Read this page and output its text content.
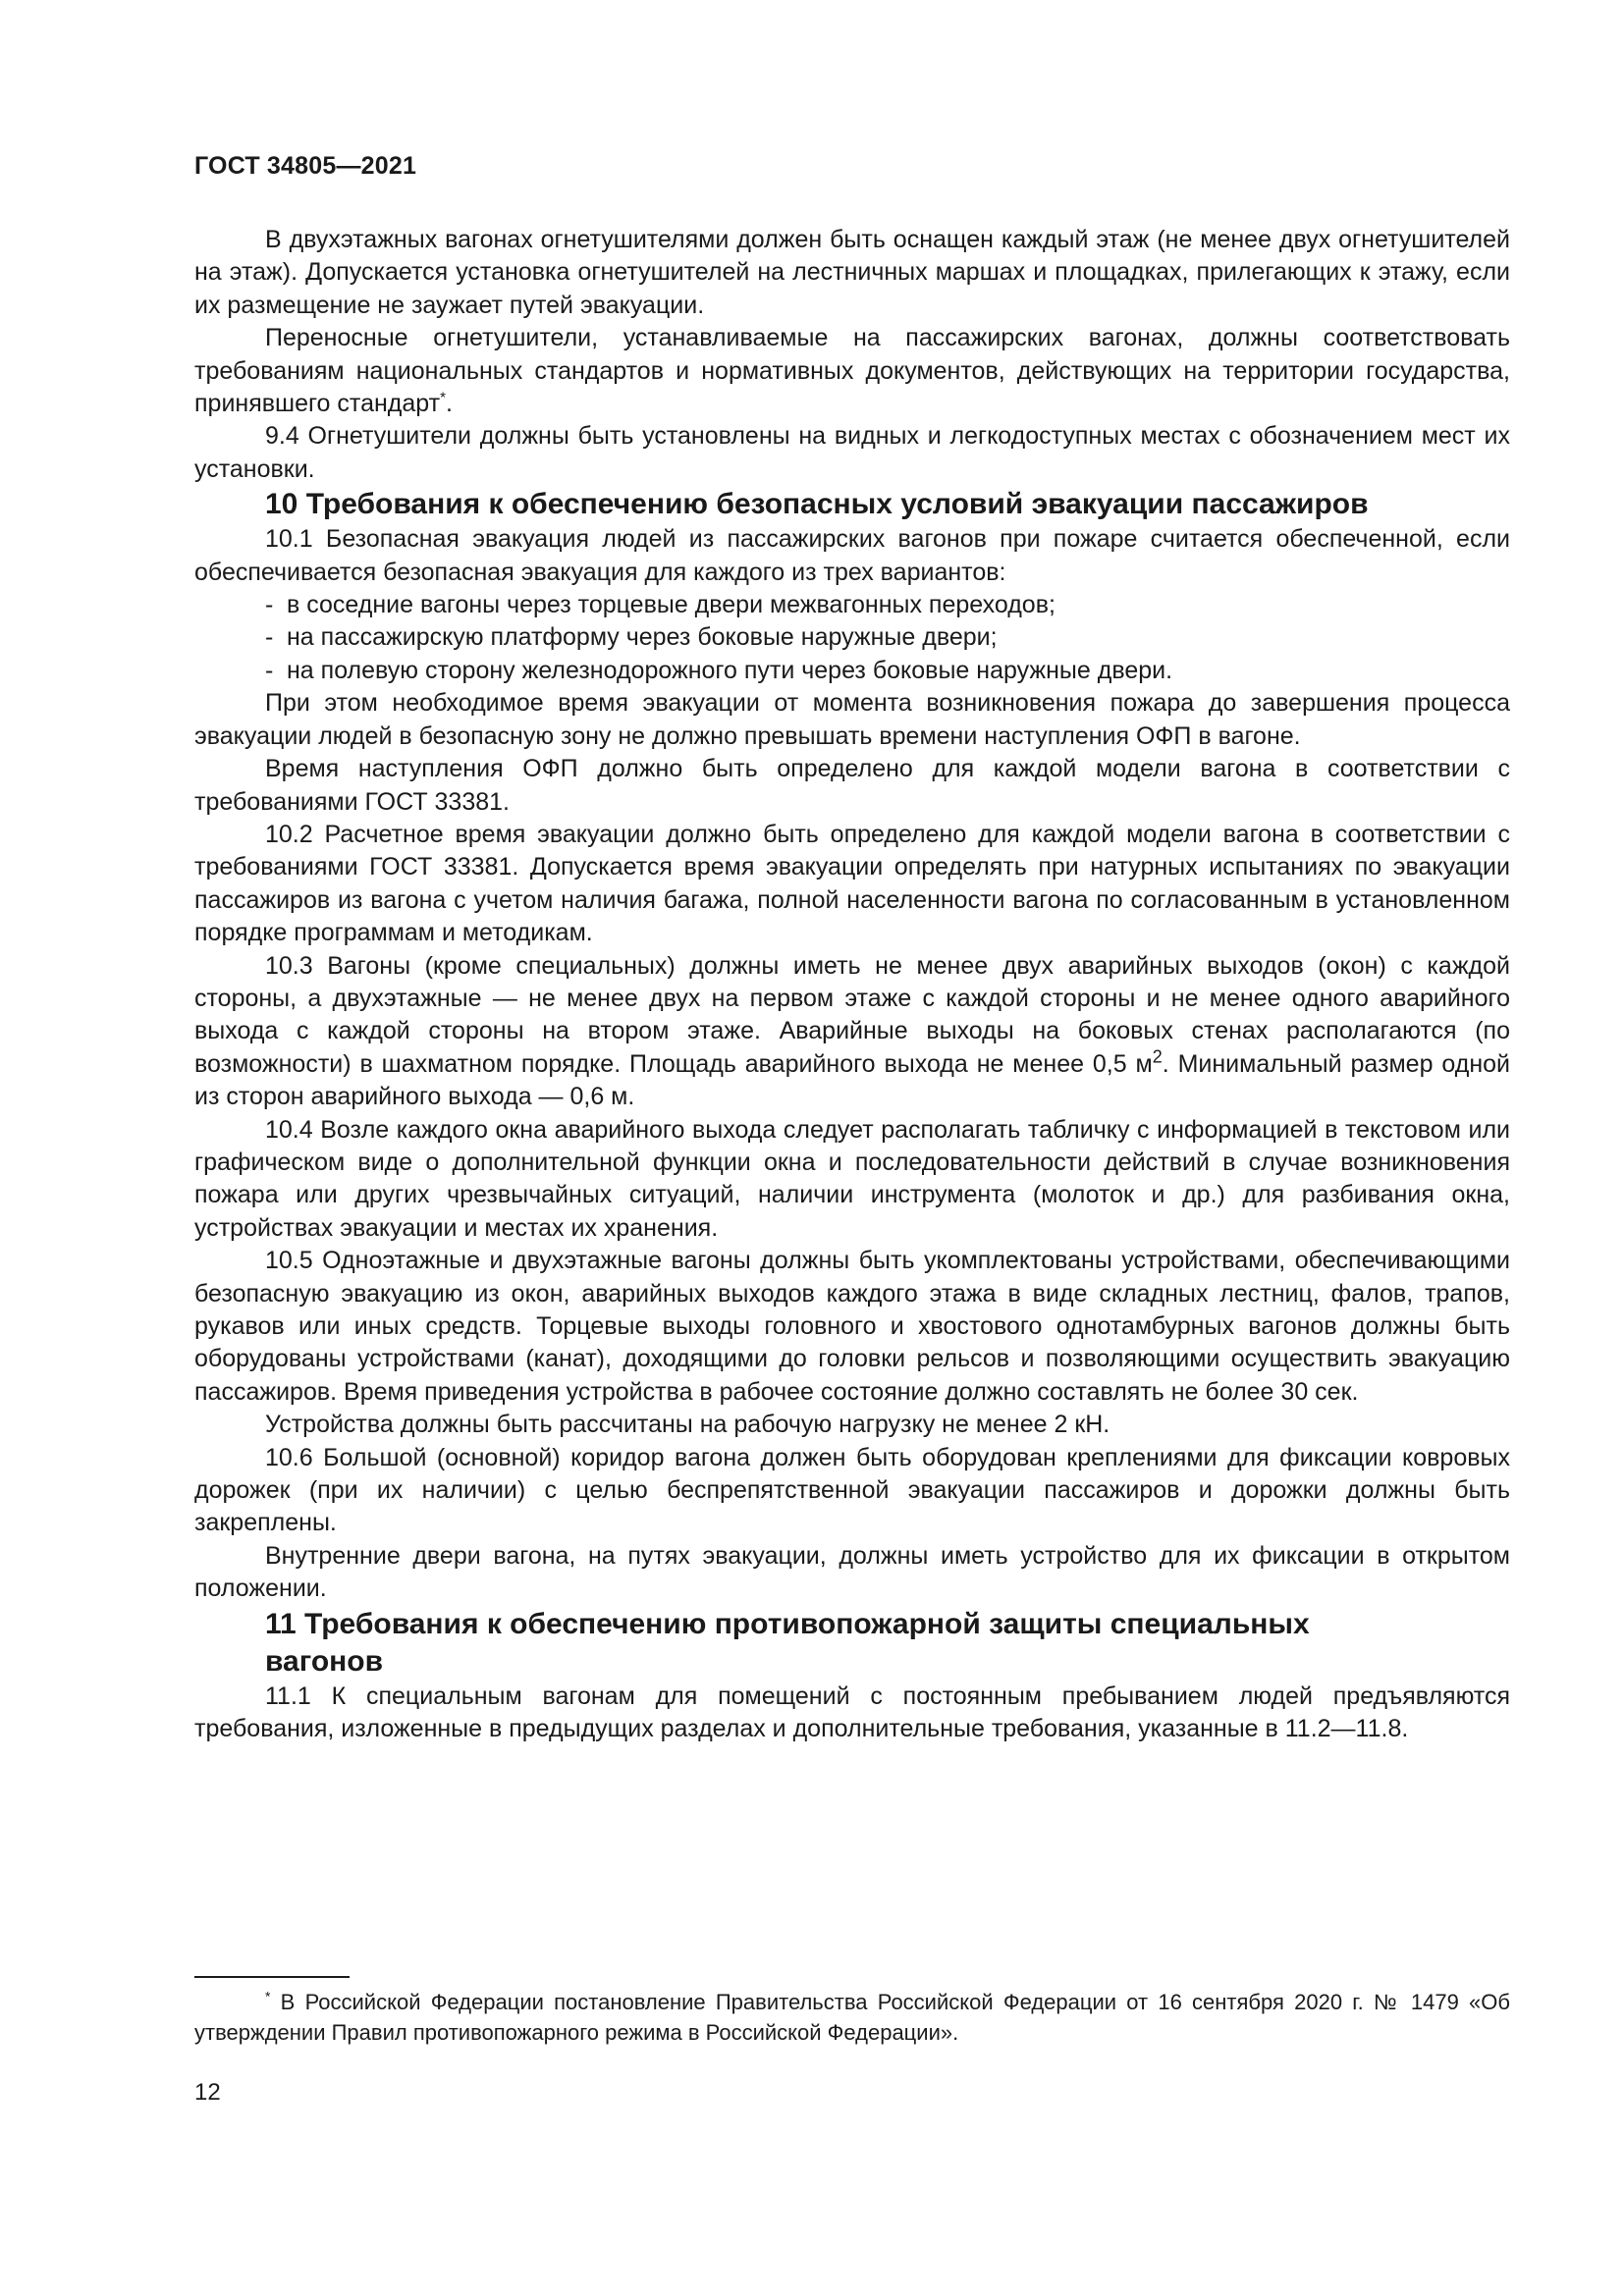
ГОСТ 34805—2021

В двухэтажных вагонах огнетушителями должен быть оснащен каждый этаж (не менее двух огнетушителей на этаж). Допускается установка огнетушителей на лестничных маршах и площадках, прилегающих к этажу, если их размещение не заужает путей эвакуации.

Переносные огнетушители, устанавливаемые на пассажирских вагонах, должны соответствовать требованиям национальных стандартов и нормативных документов, действующих на территории государства, принявшего стандарт*.

9.4 Огнетушители должны быть установлены на видных и легкодоступных местах с обозначением мест их установки.

10 Требования к обеспечению безопасных условий эвакуации пассажиров

10.1 Безопасная эвакуация людей из пассажирских вагонов при пожаре считается обеспеченной, если обеспечивается безопасная эвакуация для каждого из трех вариантов:

- в соседние вагоны через торцевые двери межвагонных переходов;
- на пассажирскую платформу через боковые наружные двери;
- на полевую сторону железнодорожного пути через боковые наружные двери.

При этом необходимое время эвакуации от момента возникновения пожара до завершения процесса эвакуации людей в безопасную зону не должно превышать времени наступления ОФП в вагоне.

Время наступления ОФП должно быть определено для каждой модели вагона в соответствии с требованиями ГОСТ 33381.

10.2 Расчетное время эвакуации должно быть определено для каждой модели вагона в соответствии с требованиями ГОСТ 33381. Допускается время эвакуации определять при натурных испытаниях по эвакуации пассажиров из вагона с учетом наличия багажа, полной населенности вагона по согласованным в установленном порядке программам и методикам.

10.3 Вагоны (кроме специальных) должны иметь не менее двух аварийных выходов (окон) с каждой стороны, а двухэтажные — не менее двух на первом этаже с каждой стороны и не менее одного аварийного выхода с каждой стороны на втором этаже. Аварийные выходы на боковых стенах располагаются (по возможности) в шахматном порядке. Площадь аварийного выхода не менее 0,5 $м^2$. Минимальный размер одной из сторон аварийного выхода — 0,6 м.

10.4 Возле каждого окна аварийного выхода следует располагать табличку с информацией в текстовом или графическом виде о дополнительной функции окна и последовательности действий в случае возникновения пожара или других чрезвычайных ситуаций, наличии инструмента (молоток и др.) для разбивания окна, устройствах эвакуации и местах их хранения.

10.5 Одноэтажные и двухэтажные вагоны должны быть укомплектованы устройствами, обеспечивающими безопасную эвакуацию из окон, аварийных выходов каждого этажа в виде складных лестниц, фалов, трапов, рукавов или иных средств. Торцевые выходы головного и хвостового однотамбурных вагонов должны быть оборудованы устройствами (канат), доходящими до головки рельсов и позволяющими осуществить эвакуацию пассажиров. Время приведения устройства в рабочее состояние должно составлять не более 30 сек.

Устройства должны быть рассчитаны на рабочую нагрузку не менее 2 кН.

10.6 Большой (основной) коридор вагона должен быть оборудован креплениями для фиксации ковровых дорожек (при их наличии) с целью беспрепятственной эвакуации пассажиров и дорожки должны быть закреплены.

Внутренние двери вагона, на путях эвакуации, должны иметь устройство для их фиксации в открытом положении.

11 Требования к обеспечению противопожарной защиты специальных
вагонов

11.1 К специальным вагонам для помещений с постоянным пребыванием людей предъявляются требования, изложенные в предыдущих разделах и дополнительные требования, указанные в 11.2—11.8.

* В Российской Федерации постановление Правительства Российской Федерации от 16 сентября 2020 г. № 1479 «Об утверждении Правил противопожарного режима в Российской Федерации».
12
